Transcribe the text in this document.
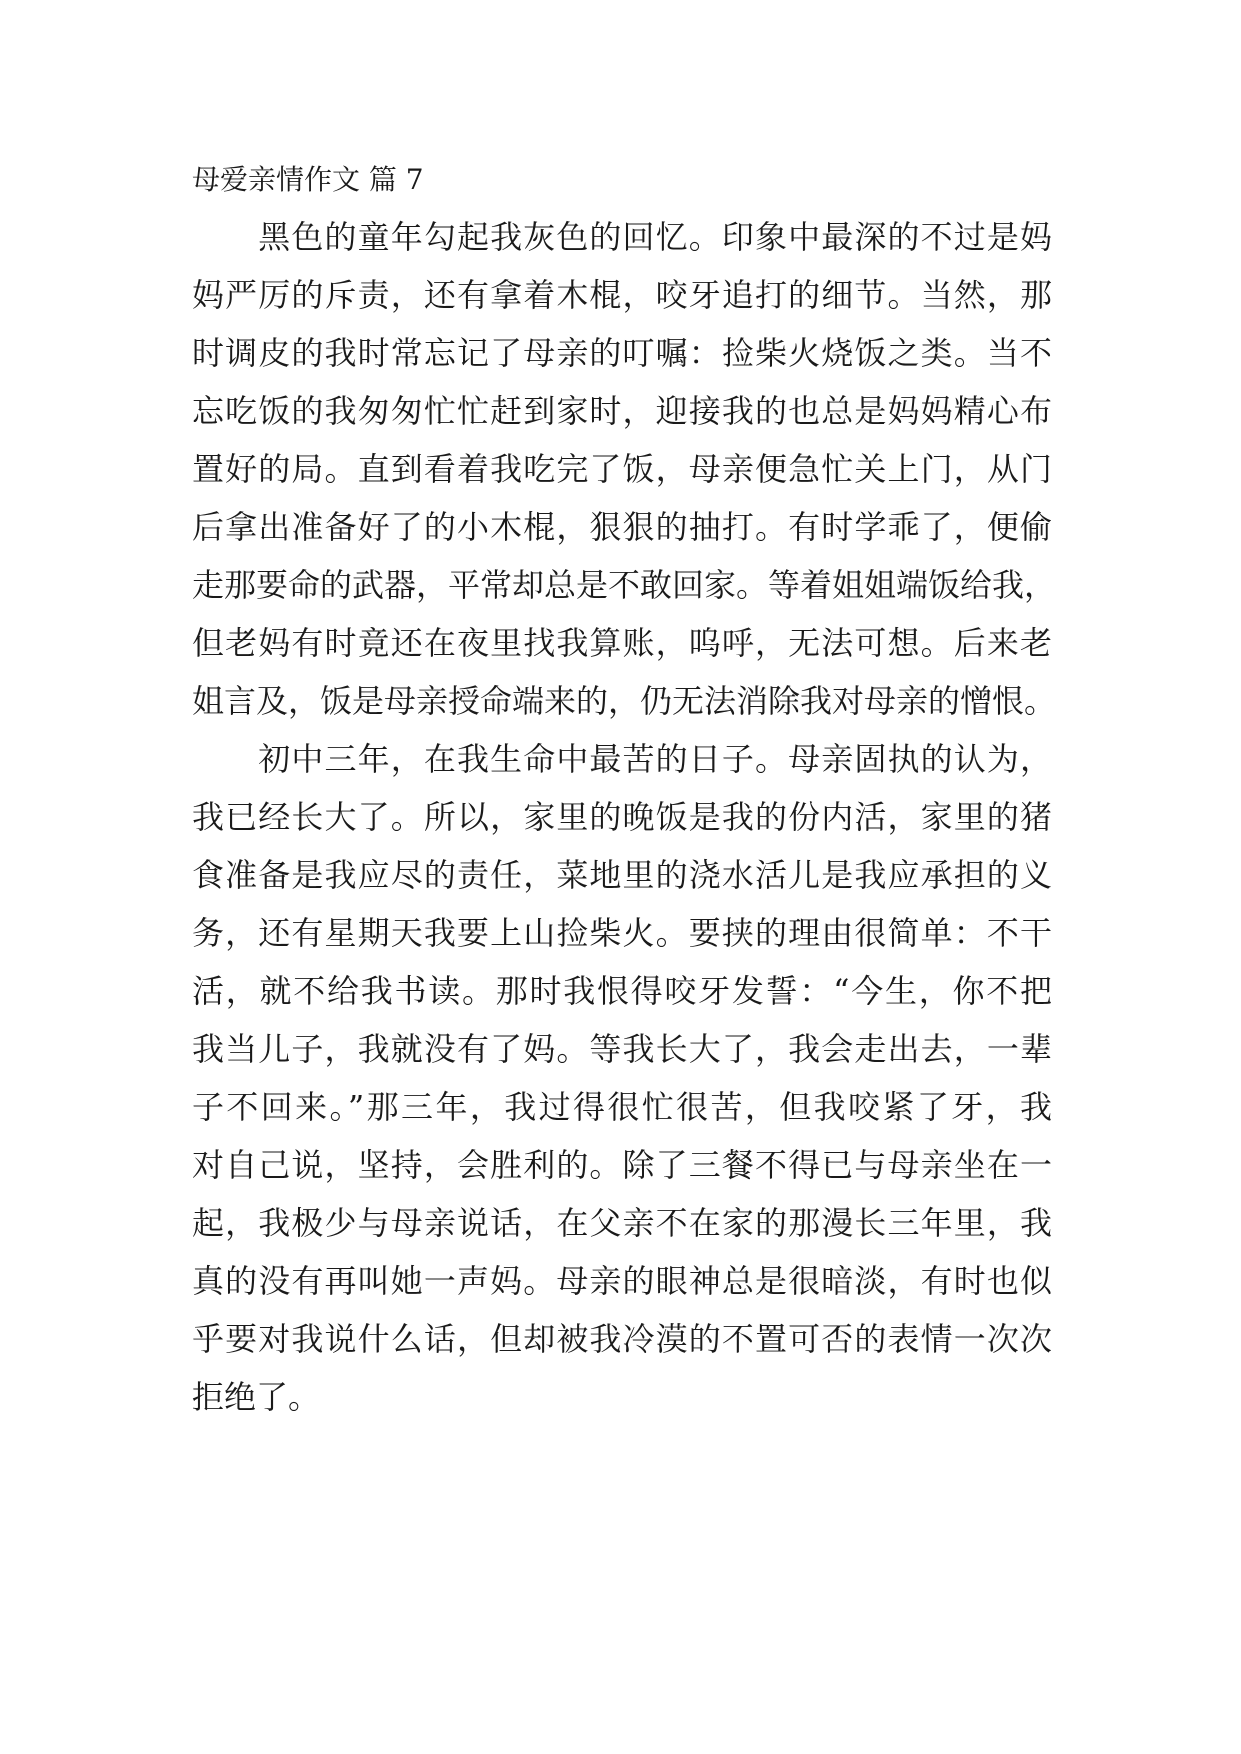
母爱亲情作文 篇 7
　　黑色的童年勾起我灰色的回忆。印象中最深的不过是妈
妈严厉的斥责，还有拿着木棍，咬牙追打的细节。当然，那
时调皮的我时常忘记了母亲的叮嘱：捡柴火烧饭之类。当不
忘吃饭的我匆匆忙忙赶到家时，迎接我的也总是妈妈精心布
置好的局。直到看着我吃完了饭，母亲便急忙关上门，从门
后拿出准备好了的小木棍，狠狠的抽打。有时学乖了，便偷
走那要命的武器，平常却总是不敢回家。等着姐姐端饭给我，
但老妈有时竟还在夜里找我算账，呜呼，无法可想。后来老
姐言及，饭是母亲授命端来的，仍无法消除我对母亲的憎恨。
　　初中三年，在我生命中最苦的日子。母亲固执的认为，
我已经长大了。所以，家里的晚饭是我的份内活，家里的猪
食准备是我应尽的责任，菜地里的浇水活儿是我应承担的义
务，还有星期天我要上山捡柴火。要挟的理由很简单：不干
活，就不给我书读。那时我恨得咬牙发誓：“今生，你不把
我当儿子，我就没有了妈。等我长大了，我会走出去，一辈
子不回来。”那三年，我过得很忙很苦，但我咬紧了牙，我
对自己说，坚持，会胜利的。除了三餐不得已与母亲坐在一
起，我极少与母亲说话，在父亲不在家的那漫长三年里，我
真的没有再叫她一声妈。母亲的眼神总是很暗淡，有时也似
乎要对我说什么话，但却被我冷漠的不置可否的表情一次次
拒绝了。
